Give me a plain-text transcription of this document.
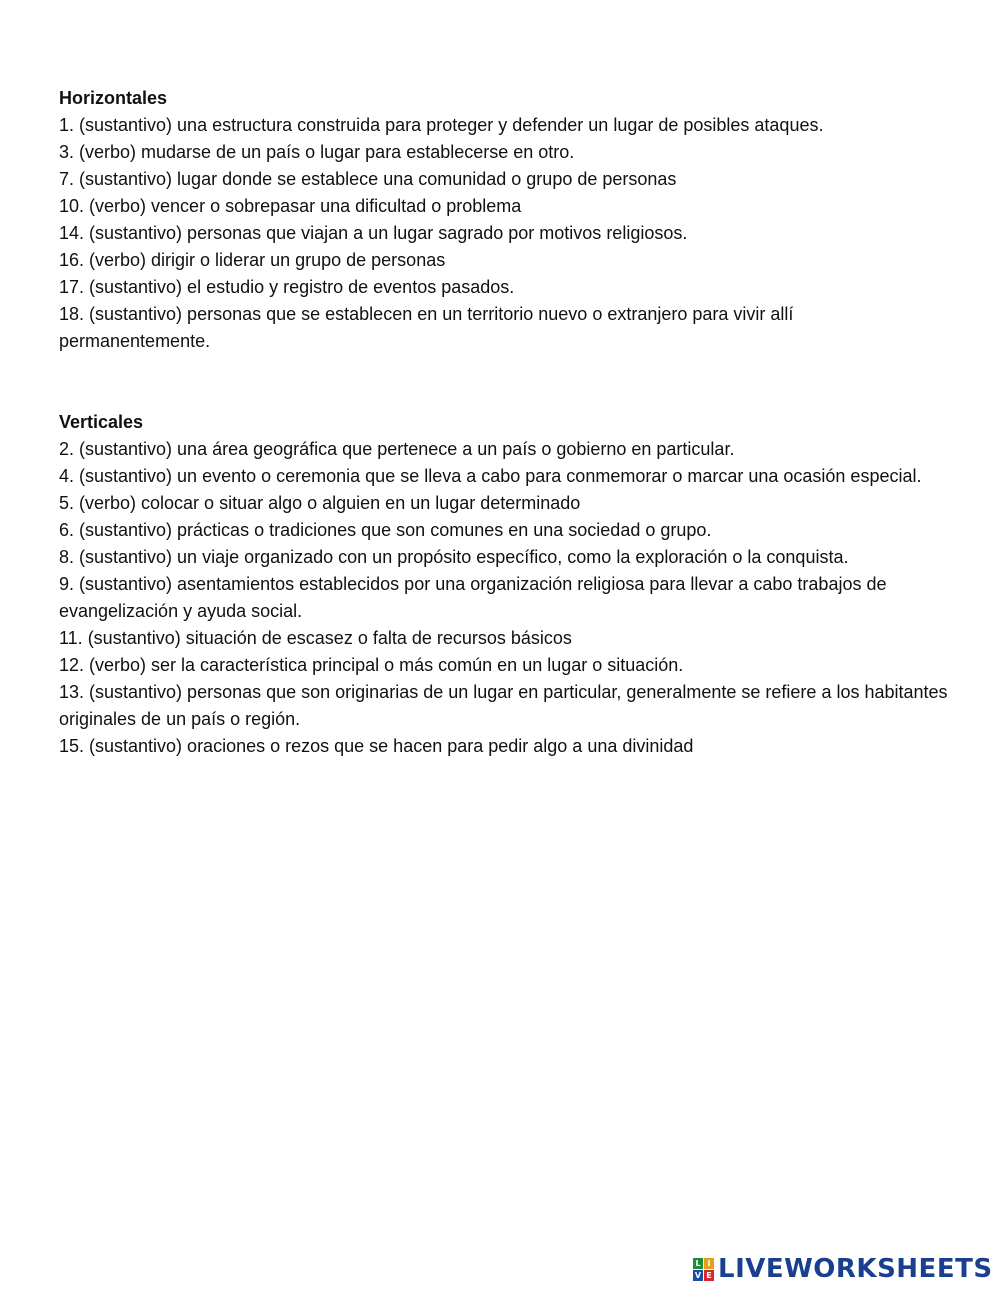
Horizontales
1. (sustantivo) una estructura construida para proteger y defender un lugar de posibles ataques.
3. (verbo) mudarse de un país o lugar para establecerse en otro.
7. (sustantivo) lugar donde se establece una comunidad o grupo de personas
10. (verbo) vencer o sobrepasar una dificultad o problema
14. (sustantivo) personas que viajan a un lugar sagrado por motivos religiosos.
16. (verbo) dirigir o liderar un grupo de personas
17. (sustantivo) el estudio y registro de eventos pasados.
18. (sustantivo) personas que se establecen en un territorio nuevo o extranjero para vivir allí permanentemente.
Verticales
2. (sustantivo) una área geográfica que pertenece a un país o gobierno en particular.
4. (sustantivo) un evento o ceremonia que se lleva a cabo para conmemorar o marcar una ocasión especial.
5. (verbo) colocar o situar algo o alguien en un lugar determinado
6. (sustantivo) prácticas o tradiciones que son comunes en una sociedad o grupo.
8. (sustantivo) un viaje organizado con un propósito específico, como la exploración o la conquista.
9. (sustantivo) asentamientos establecidos por una organización religiosa para llevar a cabo trabajos de evangelización y ayuda social.
11. (sustantivo) situación de escasez o falta de recursos básicos
12. (verbo) ser la característica principal o más común en un lugar o situación.
13. (sustantivo) personas que son originarias de un lugar en particular, generalmente se refiere a los habitantes originales de un país o región.
15. (sustantivo) oraciones o rezos que se hacen para pedir algo a una divinidad
L I
V E LIVEWORKSHEETS
